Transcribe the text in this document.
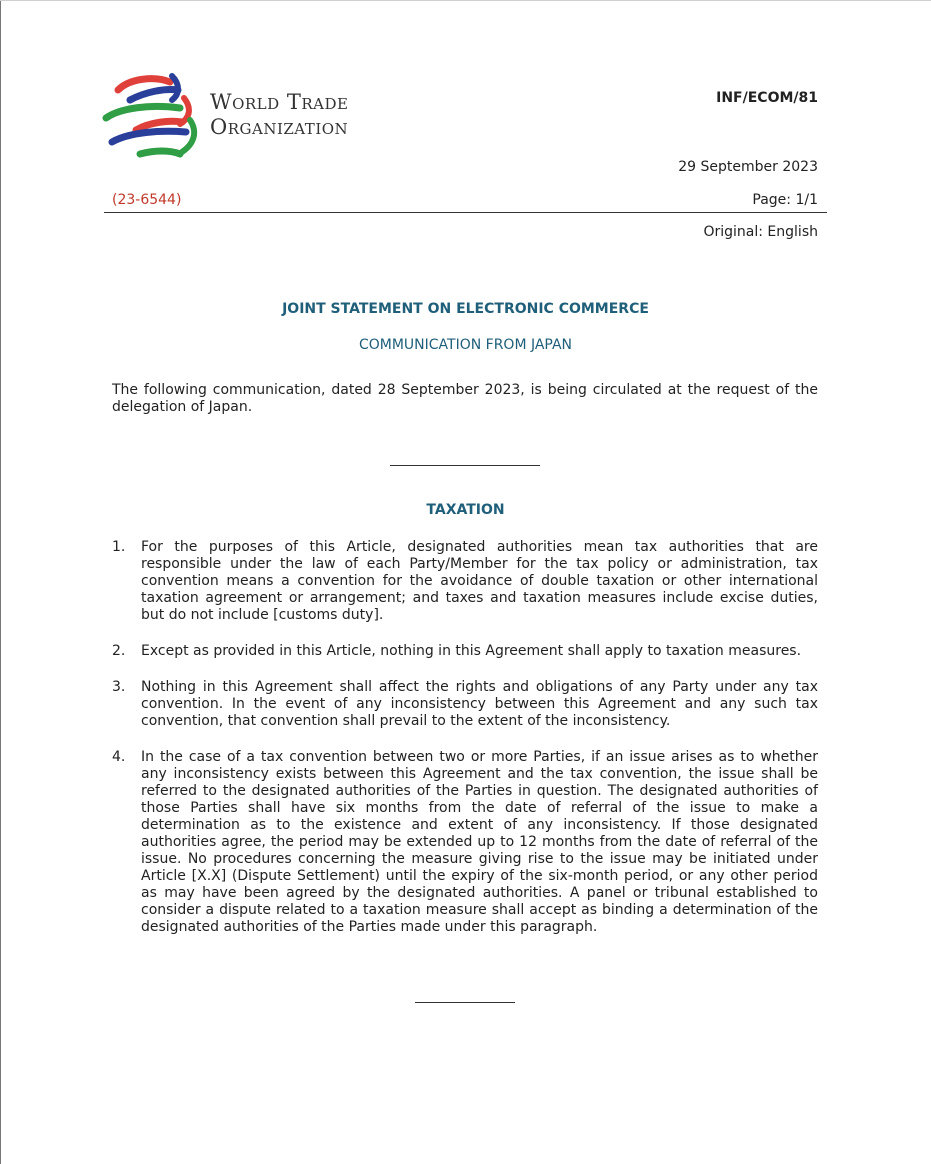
World Trade
Organization
INF/ECOM/81
29 September 2023
(23-6544)	Page: 1/1
Original: English
JOINT STATEMENT ON ELECTRONIC COMMERCE
COMMUNICATION FROM JAPAN
The following communication, dated 28 September 2023, is being circulated at the request of the delegation of Japan.
TAXATION
1. For the purposes of this Article, designated authorities mean tax authorities that are responsible under the law of each Party/Member for the tax policy or administration, tax convention means a convention for the avoidance of double taxation or other international taxation agreement or arrangement; and taxes and taxation measures include excise duties, but do not include [customs duty].
2. Except as provided in this Article, nothing in this Agreement shall apply to taxation measures.
3. Nothing in this Agreement shall affect the rights and obligations of any Party under any tax convention. In the event of any inconsistency between this Agreement and any such tax convention, that convention shall prevail to the extent of the inconsistency.
4. In the case of a tax convention between two or more Parties, if an issue arises as to whether any inconsistency exists between this Agreement and the tax convention, the issue shall be referred to the designated authorities of the Parties in question. The designated authorities of those Parties shall have six months from the date of referral of the issue to make a determination as to the existence and extent of any inconsistency. If those designated authorities agree, the period may be extended up to 12 months from the date of referral of the issue. No procedures concerning the measure giving rise to the issue may be initiated under Article [X.X] (Dispute Settlement) until the expiry of the six-month period, or any other period as may have been agreed by the designated authorities. A panel or tribunal established to consider a dispute related to a taxation measure shall accept as binding a determination of the designated authorities of the Parties made under this paragraph.
